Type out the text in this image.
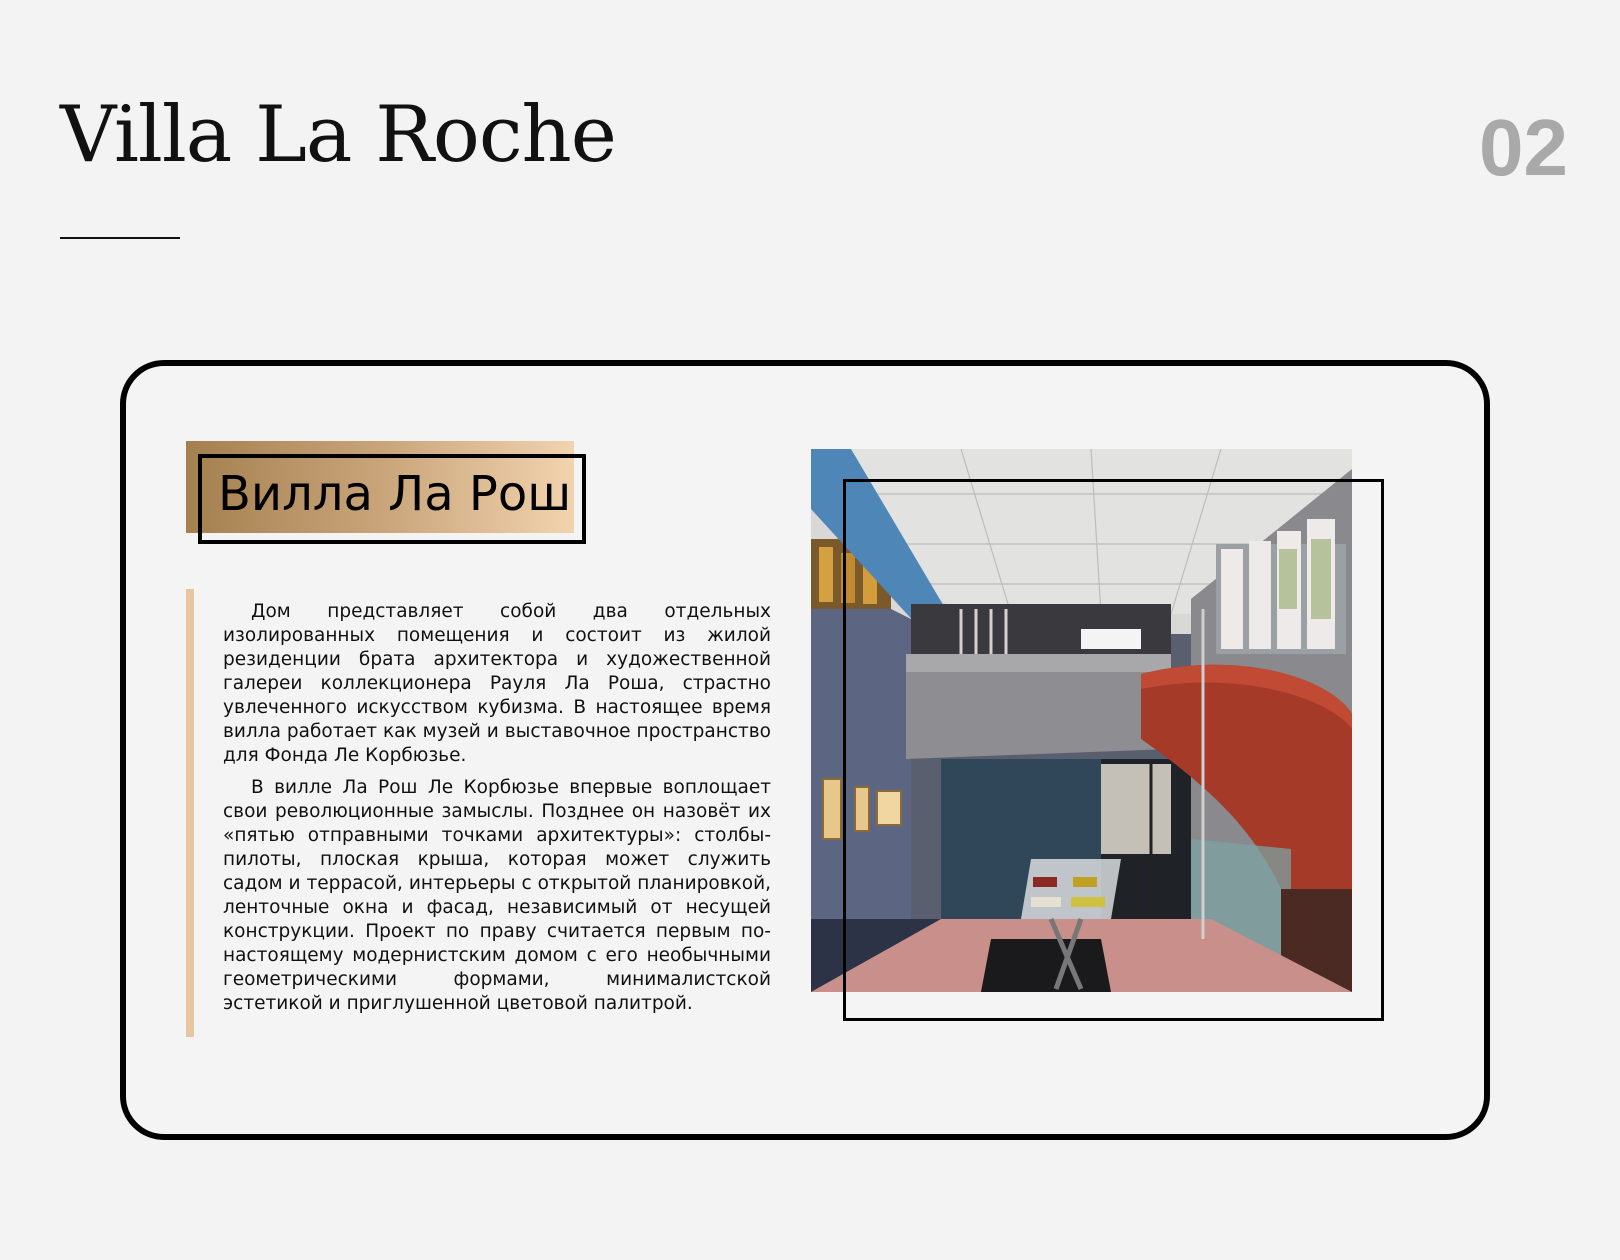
Villa La Roche	02
Вилла Ла Рош

Дом представляет собой два отдельных изолированных помещения и состоит из жилой резиденции брата архитектора и художественной галереи коллекционера Рауля Ла Роша, страстно увлеченного искусством кубизма. В настоящее время вилла работает как музей и выставочное пространство для Фонда Ле Корбюзье.

В вилле Ла Рош Ле Корбюзье впервые воплощает свои революционные замыслы. Позднее он назовёт их «пятью отправными точками архитектуры»: столбы-пилоты, плоская крыша, которая может служить садом и террасой, интерьеры с открытой планировкой, ленточные окна и фасад, независимый от несущей конструкции. Проект по праву считается первым по-настоящему модернистским домом с его необычными геометрическими формами, минималистской эстетикой и приглушенной цветовой палитрой.
